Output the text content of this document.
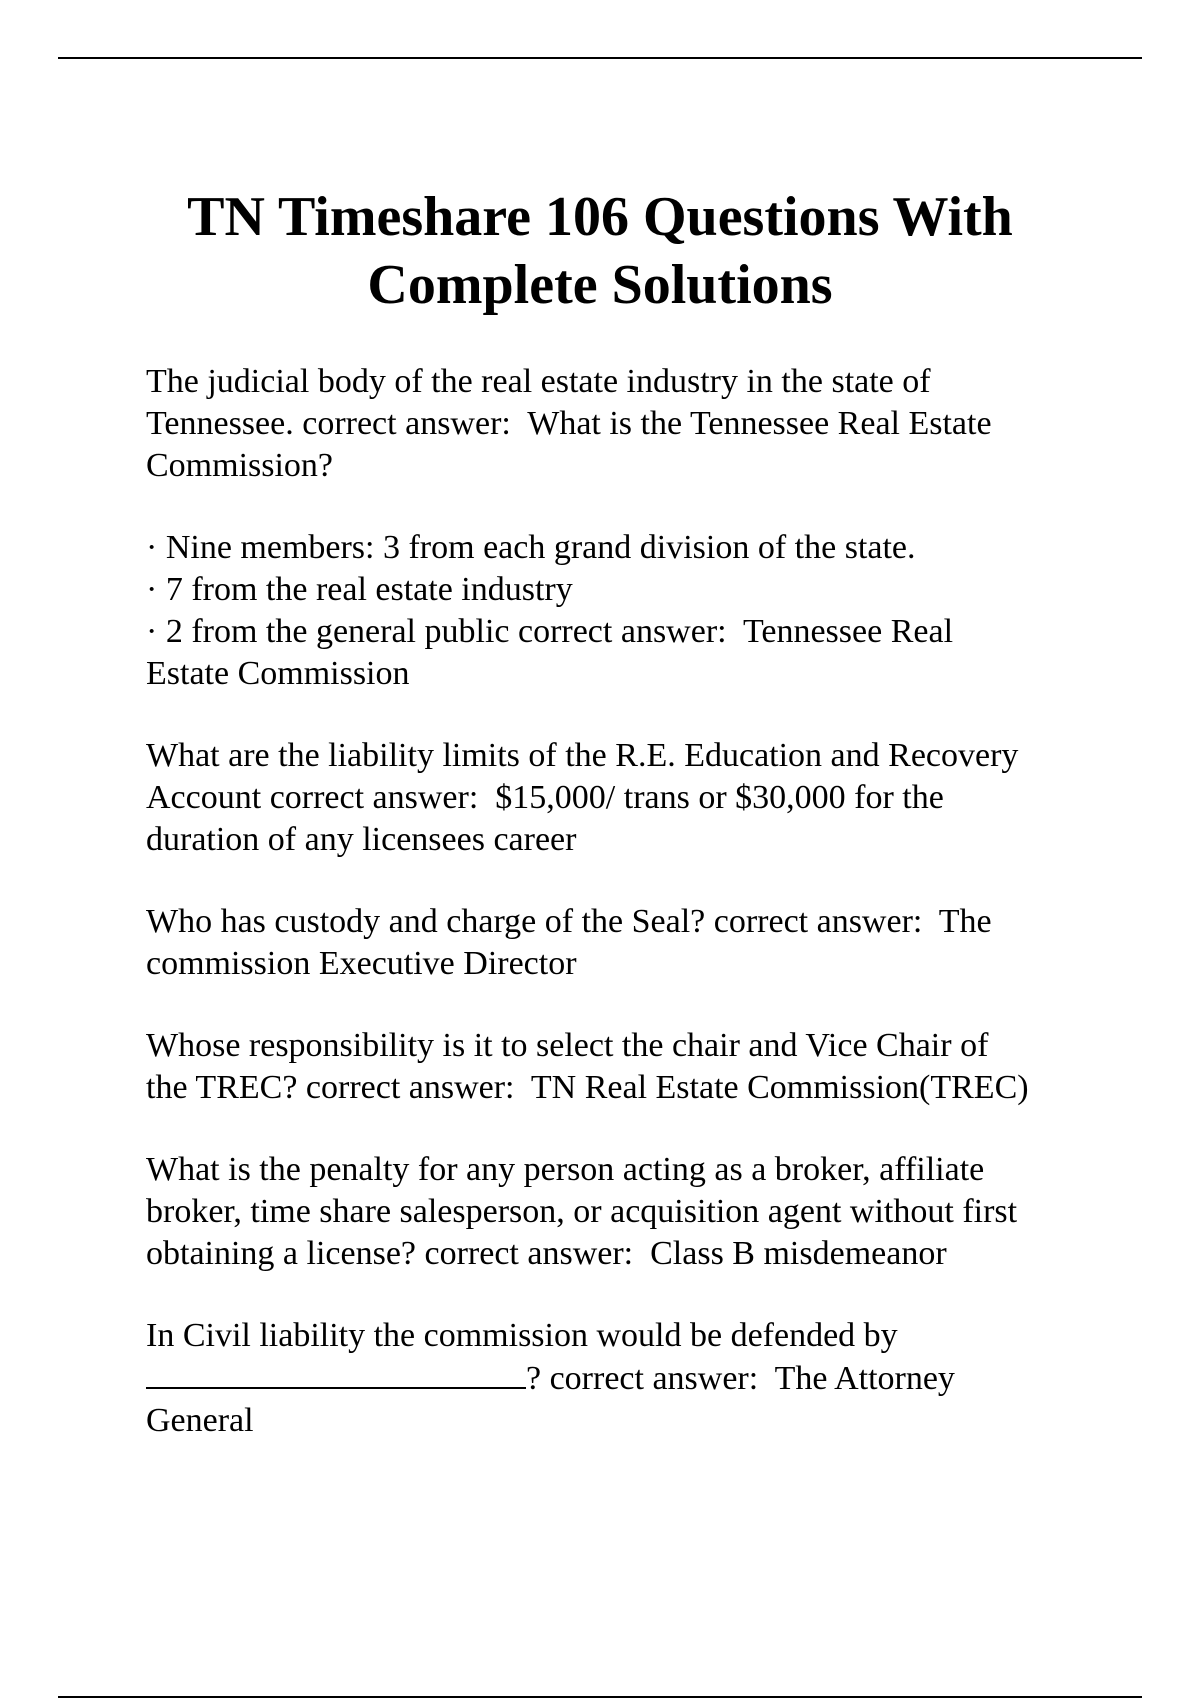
TN Timeshare 106 Questions With
Complete Solutions

The judicial body of the real estate industry in the state of
Tennessee. correct answer: What is the Tennessee Real Estate
Commission?

· Nine members: 3 from each grand division of the state.
· 7 from the real estate industry
· 2 from the general public correct answer: Tennessee Real
Estate Commission

What are the liability limits of the R.E. Education and Recovery
Account correct answer: $15,000/ trans or $30,000 for the
duration of any licensees career

Who has custody and charge of the Seal? correct answer: The
commission Executive Director

Whose responsibility is it to select the chair and Vice Chair of
the TREC? correct answer: TN Real Estate Commission(TREC)

What is the penalty for any person acting as a broker, affiliate
broker, time share salesperson, or acquisition agent without first
obtaining a license? correct answer: Class B misdemeanor

In Civil liability the commission would be defended by
? correct answer: The Attorney
General
